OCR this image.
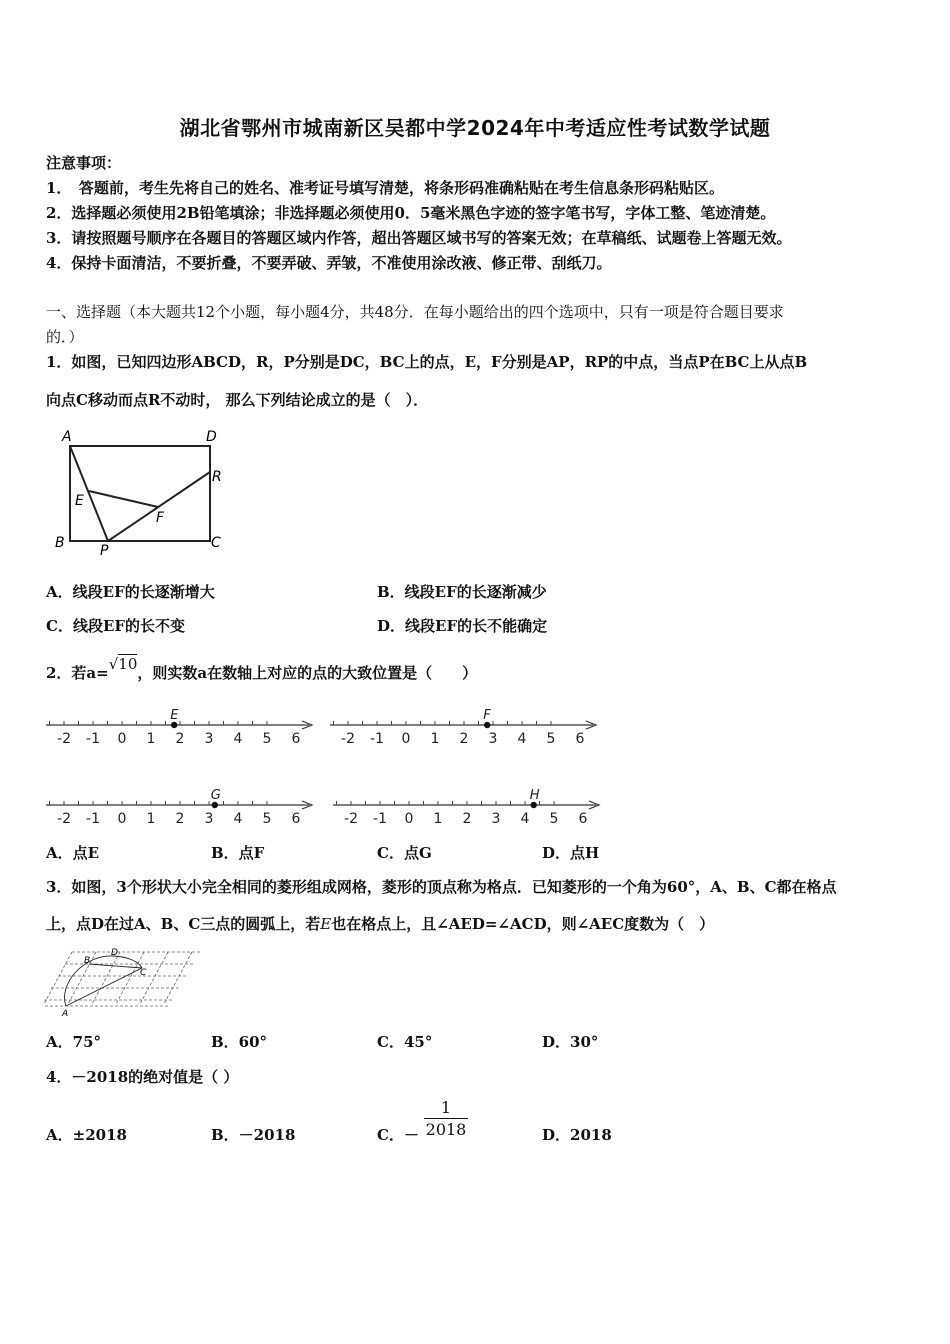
湖北省鄂州市城南新区吴都中学2024年中考适应性考试数学试题
注意事项：
1．　答题前，考生先将自己的姓名、准考证号填写清楚，将条形码准确粘贴在考生信息条形码粘贴区。
2．选择题必须使用2B铅笔填涂；非选择题必须使用0．5毫米黑色字迹的签字笔书写，字体工整、笔迹清楚。
3．请按照题号顺序在各题目的答题区域内作答，超出答题区域书写的答案无效；在草稿纸、试题卷上答题无效。
4．保持卡面清洁，不要折叠，不要弄破、弄皱，不准使用涂改液、修正带、刮纸刀。
一、选择题（本大题共12个小题，每小题4分，共48分．在每小题给出的四个选项中，只有一项是符合题目要求
的．）
1．如图，已知四边形ABCD，R，P分别是DC，BC上的点，E，F分别是AP，RP的中点，当点P在BC上从点B
向点C移动而点R不动时， 那么下列结论成立的是（　）．
A	D
R
E
F
B	P	C
A．线段EF的长逐渐增大	B．线段EF的长逐渐减少
C．线段EF的长不变	D．线段EF的长不能确定
2．若a=√10，则实数a在数轴上对应的点的大致位置是（　　）
-2 -1 0 1 2 3 4 5 6
E
-2 -1 0 1 2 3 4 5 6
F
-2 -1 0 1 2 3 4 5 6
G
-2 -1 0 1 2 3 4 5 6
H
A．点E	B．点F	C．点G	D．点H
3．如图，3个形状大小完全相同的菱形组成网格，菱形的顶点称为格点．已知菱形的一个角为60°，A、B、C都在格点
上，点D在过A、B、C三点的圆弧上，若E也在格点上，且∠AED=∠ACD，则∠AEC度数为（　）
B
D
C
A
A．75°	B．60°	C．45°	D．30°
4．－2018的绝对值是（ ）
A．±2018	B．－2018	C．－ $\frac{1}{2018}$	D．2018
